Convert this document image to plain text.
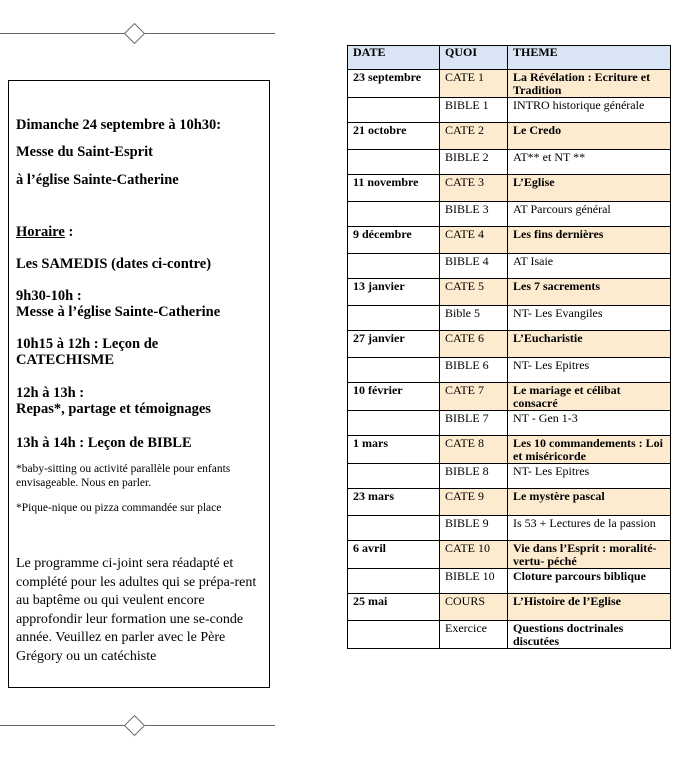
Dimanche 24 septembre à 10h30:
Messe du Saint-Esprit
à l’église Sainte-Catherine
Horaire :
Les SAMEDIS (dates ci-contre)
9h30-10h :
Messe à l’église Sainte-Catherine
10h15 à 12h : Leçon de
CATECHISME
12h à 13h :
Repas*, partage et témoignages
13h à 14h : Leçon de BIBLE
*baby-sitting ou activité parallèle pour enfants envisageable. Nous en parler.
*Pique-nique ou pizza commandée sur place
Le programme ci-joint sera réadapté et complété pour les adultes qui se prépa-rent au baptême ou qui veulent encore approfondir leur formation une se-conde année. Veuillez en parler avec le Père Grégory ou un catéchiste
DATE	QUOI	THEME
23 septembre	CATE 1	La Révélation : Ecriture et Tradition
	BIBLE 1	INTRO historique générale
21 octobre	CATE 2	Le Credo
	BIBLE 2	AT** et NT **
11 novembre	CATE 3	L’Eglise
	BIBLE 3	AT Parcours général
9 décembre	CATE 4	Les fins dernières
	BIBLE 4	AT Isaie
13 janvier	CATE 5	Les 7 sacrements
	Bible 5	NT- Les Evangiles
27 janvier	CATE 6	L’Eucharistie
	BIBLE 6	NT- Les Epitres
10 février	CATE 7	Le mariage et célibat consacré
	BIBLE 7	NT - Gen 1-3
1 mars	CATE 8	Les 10 commandements : Loi et miséricorde
	BIBLE 8	NT- Les Epitres
23 mars	CATE 9	Le mystère pascal
	BIBLE 9	Is 53 + Lectures de la passion
6 avril	CATE 10	Vie dans l’Esprit : moralité- vertu- péché
	BIBLE 10	Cloture parcours biblique
25 mai	COURS	L’Histoire de l’Eglise
	Exercice	Questions doctrinales discutées
